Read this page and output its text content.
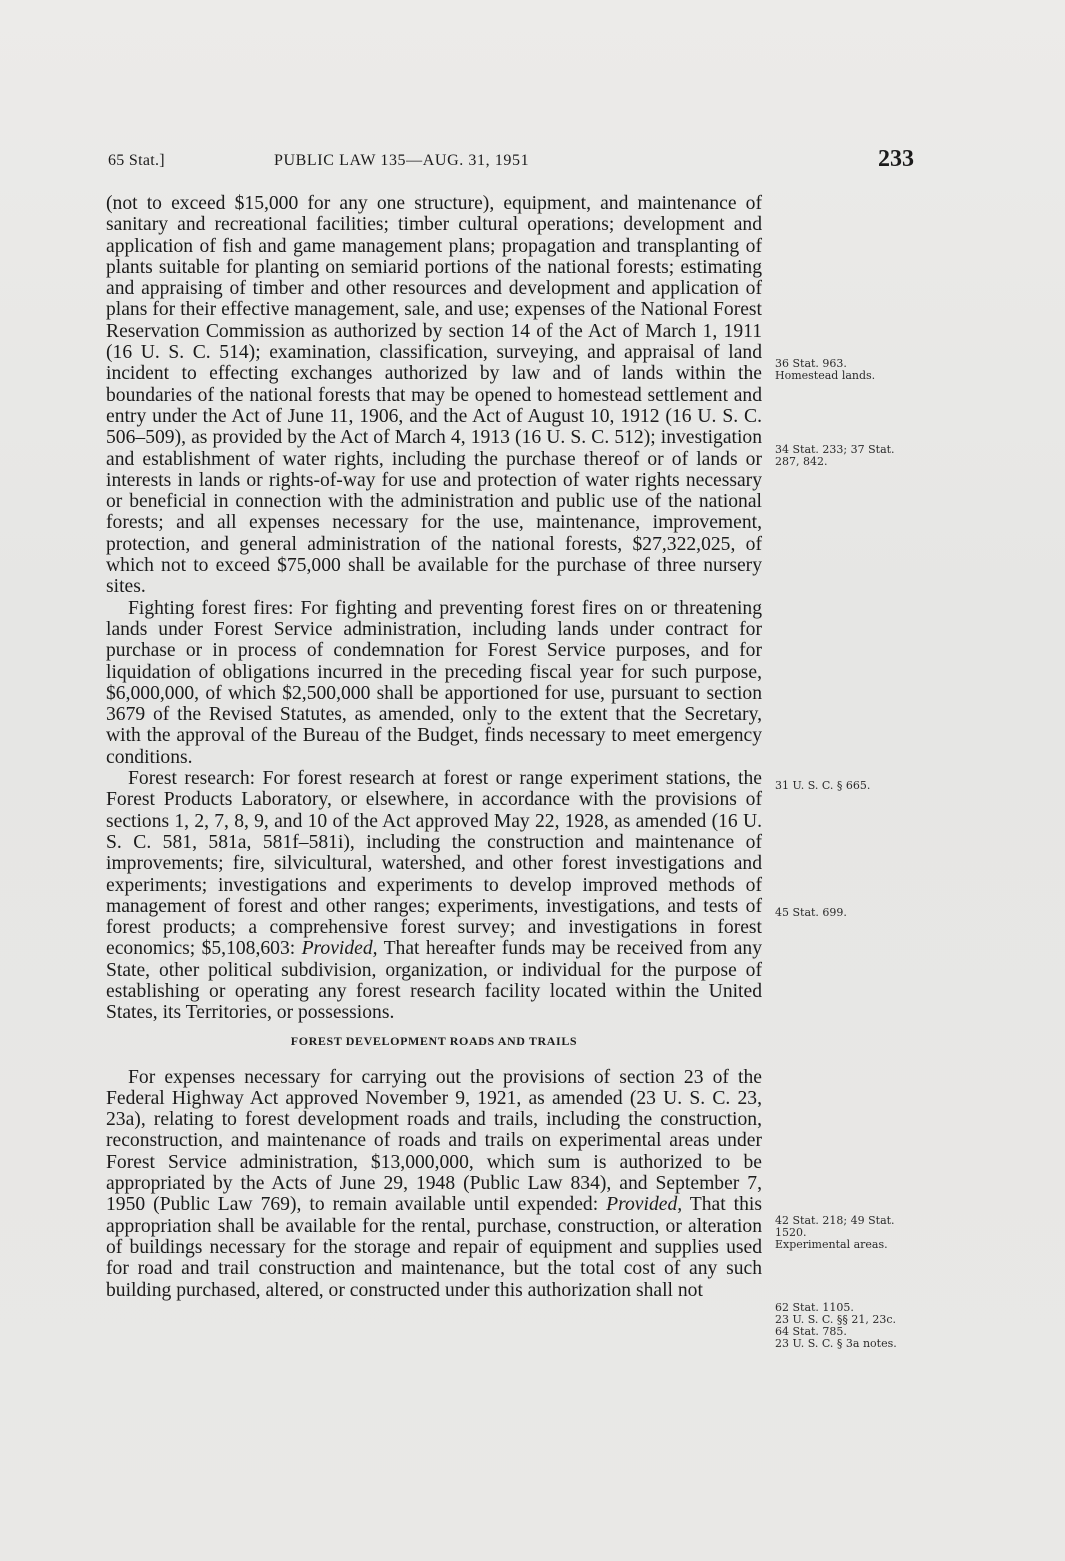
65 Stat.]	PUBLIC LAW 135—AUG. 31, 1951	233

(not to exceed $15,000 for any one structure), equipment, and maintenance of sanitary and recreational facilities; timber cultural operations; development and application of fish and game management plans; propagation and transplanting of plants suitable for planting on semiarid portions of the national forests; estimating and appraising of timber and other resources and development and application of plans for their effective management, sale, and use; expenses of the National Forest Reservation Commission as authorized by section 14 of the Act of March 1, 1911 (16 U. S. C. 514); examination, classification, surveying, and appraisal of land incident to effecting exchanges authorized by law and of lands within the boundaries of the national forests that may be opened to homestead settlement and entry under the Act of June 11, 1906, and the Act of August 10, 1912 (16 U. S. C. 506–509), as provided by the Act of March 4, 1913 (16 U. S. C. 512); investigation and establishment of water rights, including the purchase thereof or of lands or interests in lands or rights-of-way for use and protection of water rights necessary or beneficial in connection with the administration and public use of the national forests; and all expenses necessary for the use, maintenance, improvement, protection, and general administration of the national forests, $27,322,025, of which not to exceed $75,000 shall be available for the purchase of three nursery sites.

Fighting forest fires: For fighting and preventing forest fires on or threatening lands under Forest Service administration, including lands under contract for purchase or in process of condemnation for Forest Service purposes, and for liquidation of obligations incurred in the preceding fiscal year for such purpose, $6,000,000, of which $2,500,000 shall be apportioned for use, pursuant to section 3679 of the Revised Statutes, as amended, only to the extent that the Secretary, with the approval of the Bureau of the Budget, finds necessary to meet emergency conditions.

Forest research: For forest research at forest or range experiment stations, the Forest Products Laboratory, or elsewhere, in accordance with the provisions of sections 1, 2, 7, 8, 9, and 10 of the Act approved May 22, 1928, as amended (16 U. S. C. 581, 581a, 581f–581i), including the construction and maintenance of improvements; fire, silvicultural, watershed, and other forest investigations and experiments; investigations and experiments to develop improved methods of management of forest and other ranges; experiments, investigations, and tests of forest products; a comprehensive forest survey; and investigations in forest economics; $5,108,603: Provided, That hereafter funds may be received from any State, other political subdivision, organization, or individual for the purpose of establishing or operating any forest research facility located within the United States, its Territories, or possessions.

FOREST DEVELOPMENT ROADS AND TRAILS

For expenses necessary for carrying out the provisions of section 23 of the Federal Highway Act approved November 9, 1921, as amended (23 U. S. C. 23, 23a), relating to forest development roads and trails, including the construction, reconstruction, and maintenance of roads and trails on experimental areas under Forest Service administration, $13,000,000, which sum is authorized to be appropriated by the Acts of June 29, 1948 (Public Law 834), and September 7, 1950 (Public Law 769), to remain available until expended: Provided, That this appropriation shall be available for the rental, purchase, construction, or alteration of buildings necessary for the storage and repair of equipment and supplies used for road and trail construction and maintenance, but the total cost of any such building purchased, altered, or constructed under this authorization shall not

36 Stat. 963.
Homestead lands.
34 Stat. 233; 37 Stat. 287, 842.
31 U. S. C. § 665.
45 Stat. 699.
42 Stat. 218; 49 Stat. 1520.
Experimental areas.
62 Stat. 1105.
23 U. S. C. §§ 21, 23c.
64 Stat. 785.
23 U. S. C. § 3a notes.
